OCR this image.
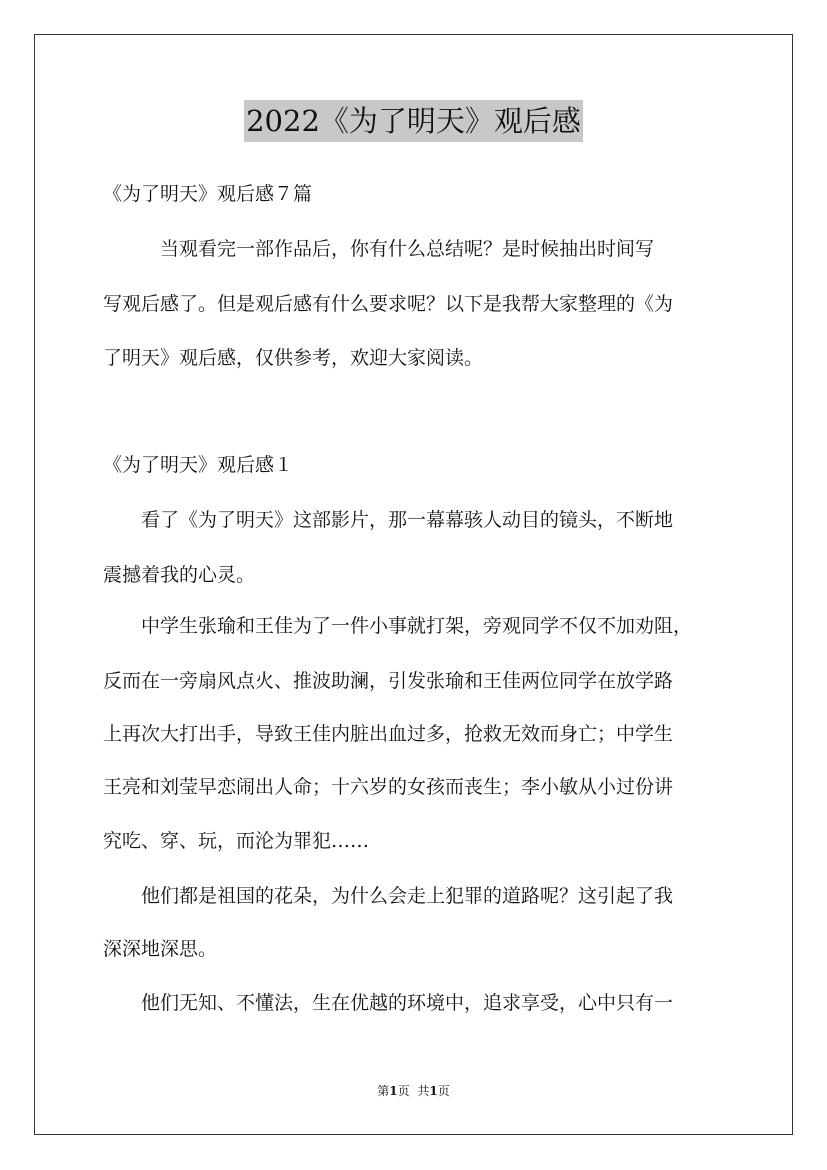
2022《为了明天》观后感
《为了明天》观后感７篇
　　　当观看完一部作品后，你有什么总结呢？是时候抽出时间写
写观后感了。但是观后感有什么要求呢？以下是我帮大家整理的《为
了明天》观后感，仅供参考，欢迎大家阅读。
《为了明天》观后感１
　　看了《为了明天》这部影片，那一幕幕骇人动目的镜头，不断地
震撼着我的心灵。
　　中学生张瑜和王佳为了一件小事就打架，旁观同学不仅不加劝阻，
反而在一旁扇风点火、推波助澜，引发张瑜和王佳两位同学在放学路
上再次大打出手，导致王佳内脏出血过多，抢救无效而身亡；中学生
王亮和刘莹早恋闹出人命；十六岁的女孩而丧生；李小敏从小过份讲
究吃、穿、玩，而沦为罪犯……
　　他们都是祖国的花朵，为什么会走上犯罪的道路呢？这引起了我
深深地深思。
　　他们无知、不懂法，生在优越的环境中，追求享受，心中只有一
第1页 共1页
